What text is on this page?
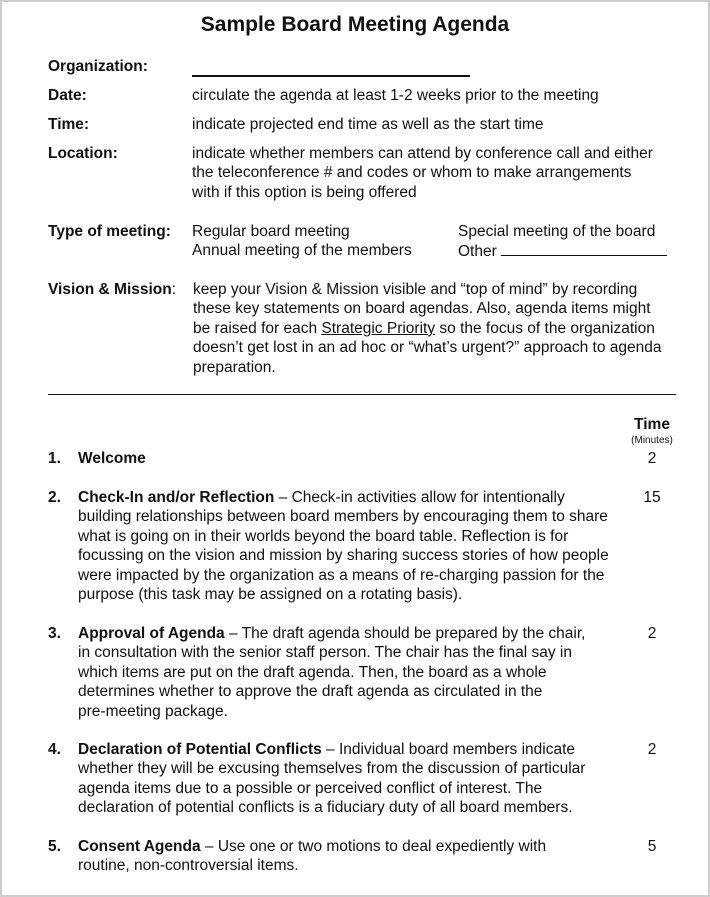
Sample Board Meeting Agenda
Organization:
Date:	circulate the agenda at least 1-2 weeks prior to the meeting
Time:	indicate projected end time as well as the start time
Location:	indicate whether members can attend by conference call and either
the teleconference # and codes or whom to make arrangements
with if this option is being offered
Type of meeting: Regular board meeting	Special meeting of the board
Annual meeting of the members	Other
Vision & Mission: keep your Vision & Mission visible and “top of mind” by recording
these key statements on board agendas. Also, agenda items might
be raised for each Strategic Priority so the focus of the organization
doesn’t get lost in an ad hoc or “what’s urgent?” approach to agenda
preparation.
Time
(Minutes)
1. Welcome	2
2. Check-In and/or Reflection – Check-in activities allow for intentionally
building relationships between board members by encouraging them to share
what is going on in their worlds beyond the board table. Reflection is for
focussing on the vision and mission by sharing success stories of how people
were impacted by the organization as a means of re-charging passion for the
purpose (this task may be assigned on a rotating basis).
15
3. Approval of Agenda – The draft agenda should be prepared by the chair,
in consultation with the senior staff person. The chair has the final say in
which items are put on the draft agenda. Then, the board as a whole
determines whether to approve the draft agenda as circulated in the
pre-meeting package.
2
4. Declaration of Potential Conflicts – Individual board members indicate
whether they will be excusing themselves from the discussion of particular
agenda items due to a possible or perceived conflict of interest. The
declaration of potential conflicts is a fiduciary duty of all board members.
2
5. Consent Agenda – Use one or two motions to deal expediently with
routine, non-controversial items.
5
